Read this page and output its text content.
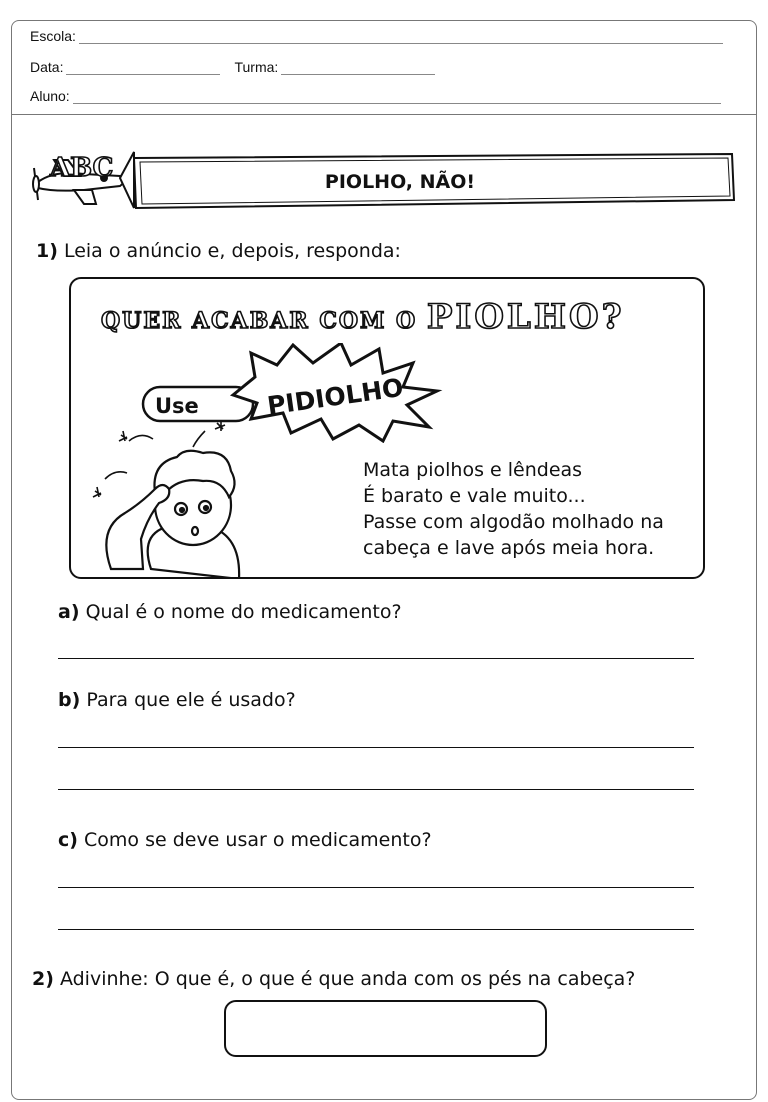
Escola:
Data:	Turma:
Aluno:
ABC	PIOLHO, NÃO!
1) Leia o anúncio e, depois, responda:
QUER ACABAR COM O PIOLHO?
Use	PIDIOLHO
Mata piolhos e lêndeas
É barato e vale muito...
Passe com algodão molhado na
cabeça e lave após meia hora.
a) Qual é o nome do medicamento?
b) Para que ele é usado?
c) Como se deve usar o medicamento?
2) Adivinhe: O que é, o que é que anda com os pés na cabeça?
